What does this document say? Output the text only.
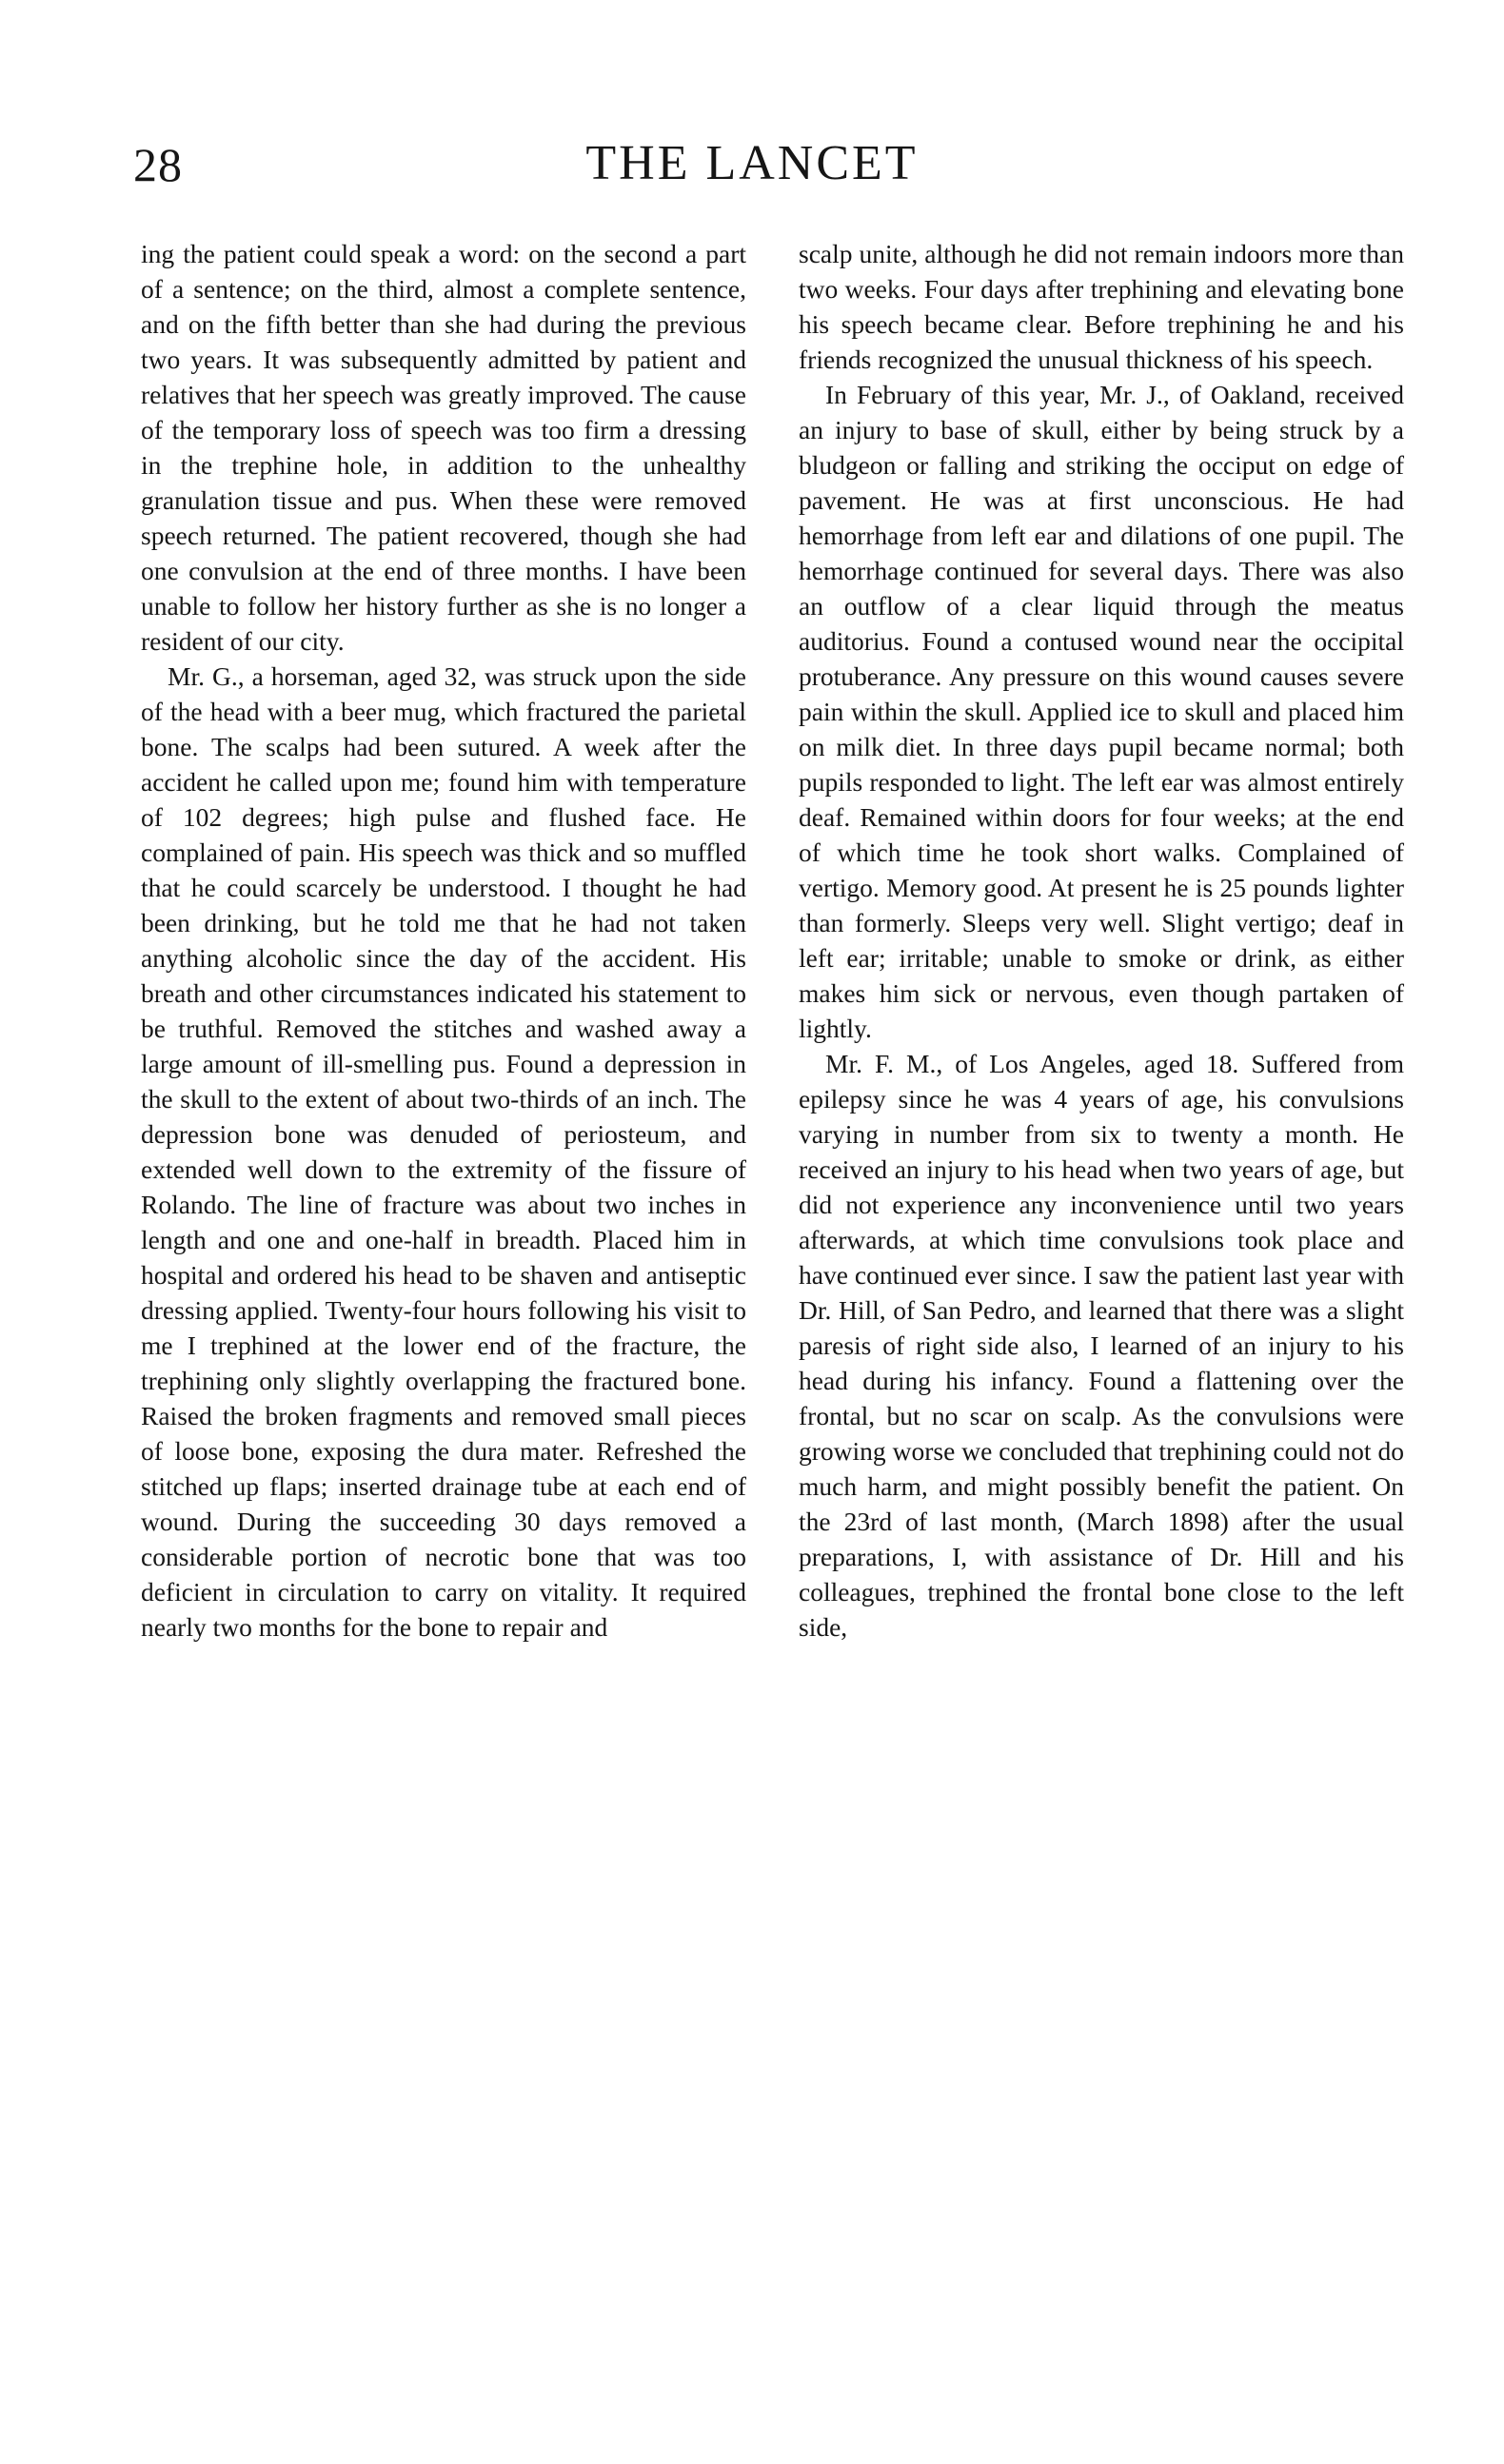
28	THE LANCET

ing the patient could speak a word: on the second a part of a sentence; on the third, almost a complete sentence, and on the fifth better than she had during the previous two years. It was subsequently admitted by patient and relatives that her speech was greatly improved. The cause of the temporary loss of speech was too firm a dressing in the trephine hole, in addition to the unhealthy granulation tissue and pus. When these were removed speech returned. The patient recovered, though she had one convulsion at the end of three months. I have been unable to follow her history further as she is no longer a resident of our city.

Mr. G., a horseman, aged 32, was struck upon the side of the head with a beer mug, which fractured the parietal bone. The scalps had been sutured. A week after the accident he called upon me; found him with temperature of 102 degrees; high pulse and flushed face. He complained of pain. His speech was thick and so muffled that he could scarcely be understood. I thought he had been drinking, but he told me that he had not taken anything alcoholic since the day of the accident. His breath and other circumstances indicated his statement to be truthful. Removed the stitches and washed away a large amount of ill-smelling pus. Found a depression in the skull to the extent of about two-thirds of an inch. The depression bone was denuded of periosteum, and extended well down to the extremity of the fissure of Rolando. The line of fracture was about two inches in length and one and one-half in breadth. Placed him in hospital and ordered his head to be shaven and antiseptic dressing applied. Twenty-four hours following his visit to me I trephined at the lower end of the fracture, the trephining only slightly overlapping the fractured bone. Raised the broken fragments and removed small pieces of loose bone, exposing the dura mater. Refreshed the stitched up flaps; inserted drainage tube at each end of wound. During the succeeding 30 days removed a considerable portion of necrotic bone that was too deficient in circulation to carry on vitality. It required nearly two months for the bone to repair and

scalp unite, although he did not remain indoors more than two weeks. Four days after trephining and elevating bone his speech became clear. Before trephining he and his friends recognized the unusual thickness of his speech.

In February of this year, Mr. J., of Oakland, received an injury to base of skull, either by being struck by a bludgeon or falling and striking the occiput on edge of pavement. He was at first unconscious. He had hemorrhage from left ear and dilations of one pupil. The hemorrhage continued for several days. There was also an outflow of a clear liquid through the meatus auditorius. Found a contused wound near the occipital protuberance. Any pressure on this wound causes severe pain within the skull. Applied ice to skull and placed him on milk diet. In three days pupil became normal; both pupils responded to light. The left ear was almost entirely deaf. Remained within doors for four weeks; at the end of which time he took short walks. Complained of vertigo. Memory good. At present he is 25 pounds lighter than formerly. Sleeps very well. Slight vertigo; deaf in left ear; irritable; unable to smoke or drink, as either makes him sick or nervous, even though partaken of lightly.

Mr. F. M., of Los Angeles, aged 18. Suffered from epilepsy since he was 4 years of age, his convulsions varying in number from six to twenty a month. He received an injury to his head when two years of age, but did not experience any inconvenience until two years afterwards, at which time convulsions took place and have continued ever since. I saw the patient last year with Dr. Hill, of San Pedro, and learned that there was a slight paresis of right side also, I learned of an injury to his head during his infancy. Found a flattening over the frontal, but no scar on scalp. As the convulsions were growing worse we concluded that trephining could not do much harm, and might possibly benefit the patient. On the 23rd of last month, (March 1898) after the usual preparations, I, with assistance of Dr. Hill and his colleagues, trephined the frontal bone close to the left side,
